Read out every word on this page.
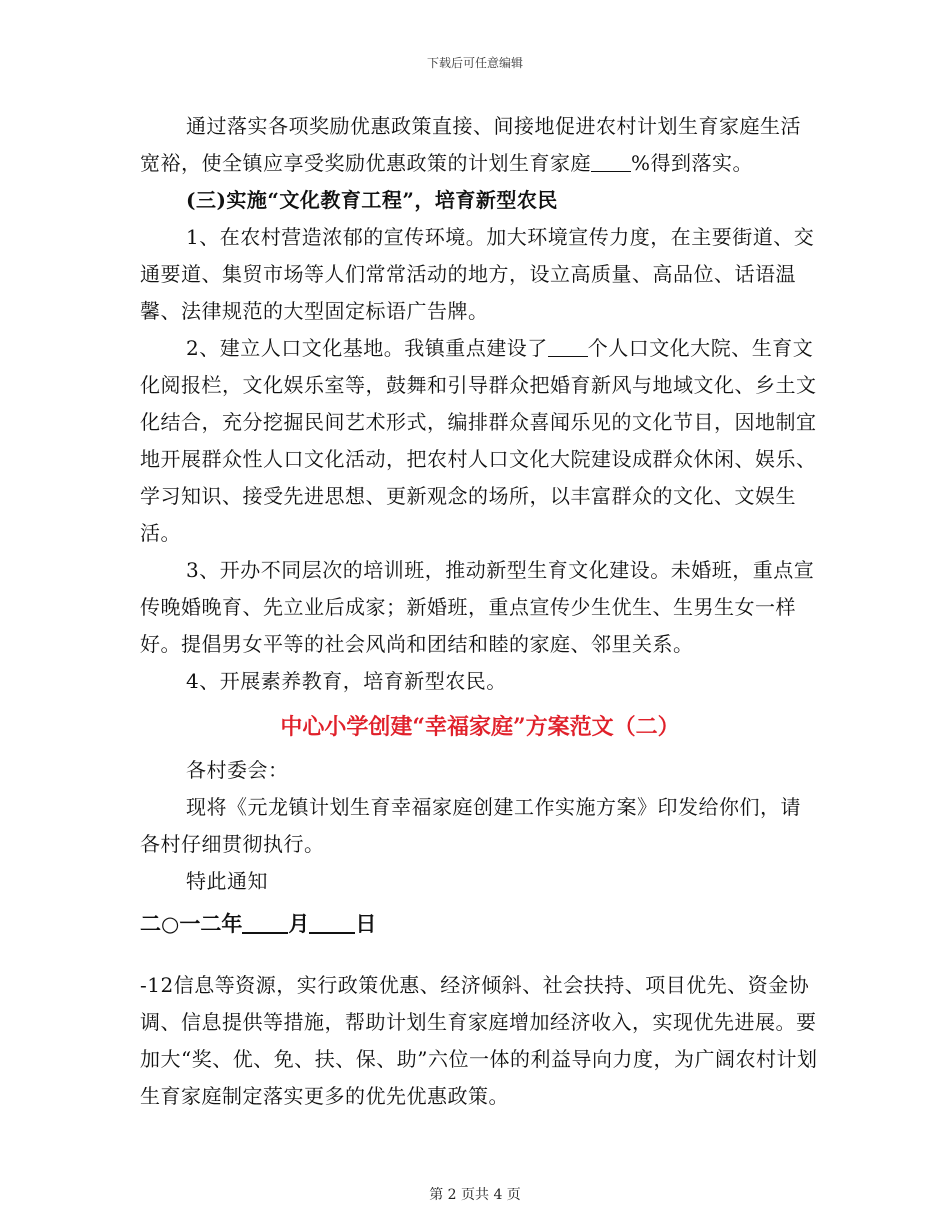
下载后可任意编辑

通过落实各项奖励优惠政策直接、间接地促进农村计划生育家庭生活宽裕，使全镇应享受奖励优惠政策的计划生育家庭 %得到落实。

(三)实施“文化教育工程”，培育新型农民

1、在农村营造浓郁的宣传环境。加大环境宣传力度，在主要街道、交通要道、集贸市场等人们常常活动的地方，设立高质量、高品位、话语温馨、法律规范的大型固定标语广告牌。

2、建立人口文化基地。我镇重点建设了 个人口文化大院、生育文化阅报栏，文化娱乐室等，鼓舞和引导群众把婚育新风与地域文化、乡土文化结合，充分挖掘民间艺术形式，编排群众喜闻乐见的文化节目，因地制宜地开展群众性人口文化活动，把农村人口文化大院建设成群众休闲、娱乐、学习知识、接受先进思想、更新观念的场所，以丰富群众的文化、文娱生活。

3、开办不同层次的培训班，推动新型生育文化建设。未婚班，重点宣传晚婚晚育、先立业后成家；新婚班，重点宣传少生优生、生男生女一样好。提倡男女平等的社会风尚和团结和睦的家庭、邻里关系。

4、开展素养教育，培育新型农民。

中心小学创建“幸福家庭”方案范文（二）

各村委会：

现将《元龙镇计划生育幸福家庭创建工作实施方案》印发给你们，请各村仔细贯彻执行。

特此通知

二○一二年 月 日

-12信息等资源，实行政策优惠、经济倾斜、社会扶持、项目优先、资金协调、信息提供等措施，帮助计划生育家庭增加经济收入，实现优先进展。要加大“奖、优、免、扶、保、助”六位一体的利益导向力度，为广阔农村计划生育家庭制定落实更多的优先优惠政策。

第 2 页共 4 页
